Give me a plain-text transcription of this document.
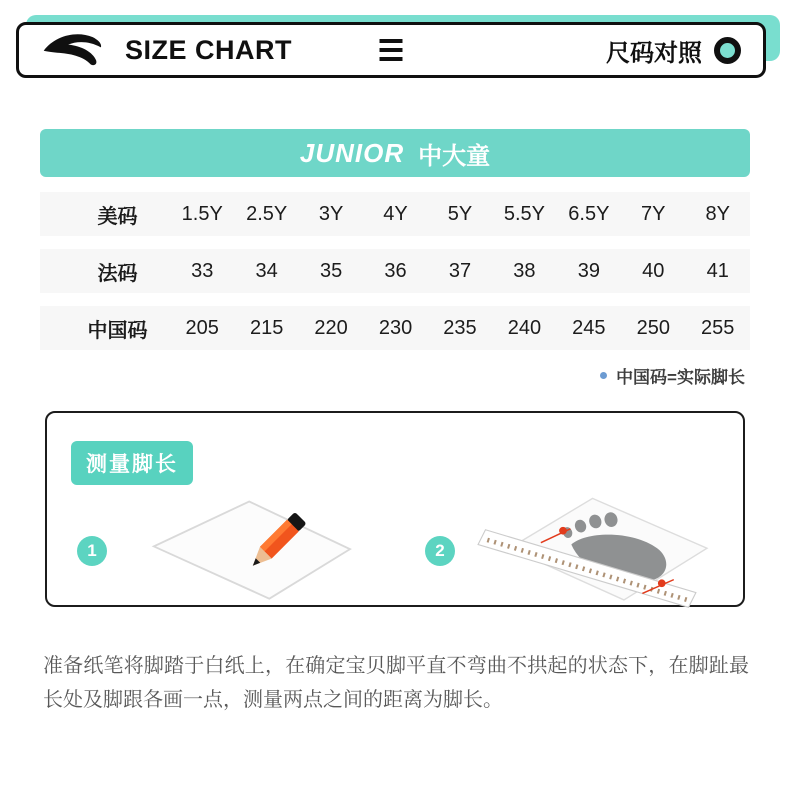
SIZE CHART	尺码对照
JUNIOR 中大童
美码	1.5Y	2.5Y	3Y	4Y	5Y	5.5Y	6.5Y	7Y	8Y
法码	33	34	35	36	37	38	39	40	41
中国码	205	215	220	230	235	240	245	250	255
中国码=实际脚长
测量脚长
1	2

准备纸笔将脚踏于白纸上，在确定宝贝脚平直不弯曲不拱起的状态下，在脚趾最长处及脚跟各画一点，测量两点之间的距离为脚长。
